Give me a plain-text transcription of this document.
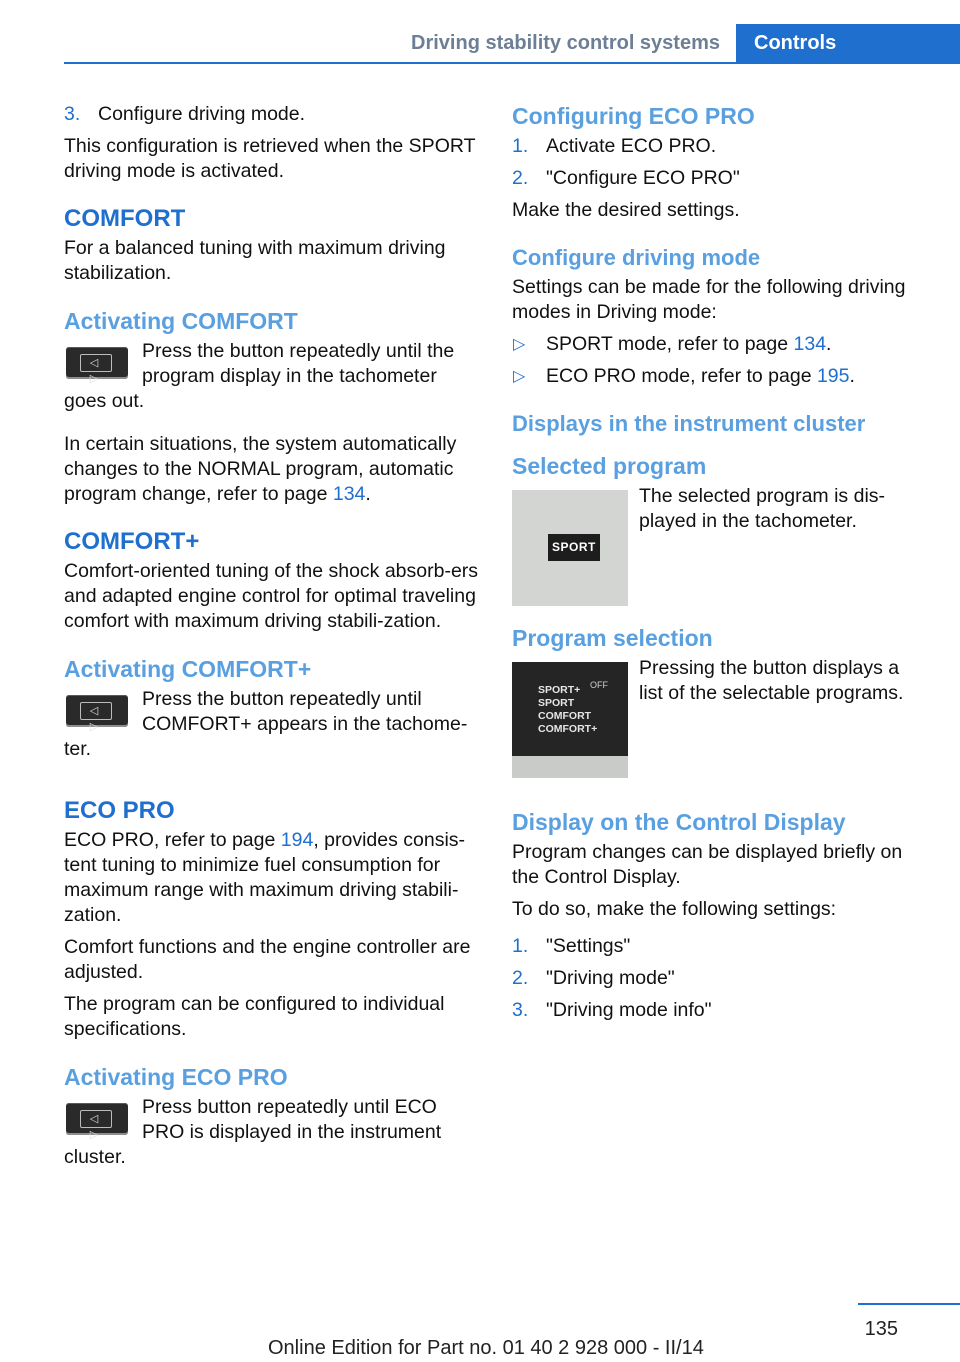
Driving stability control systems	Controls
3. Configure driving mode.

This configuration is retrieved when the SPORT driving mode is activated.

COMFORT

For a balanced tuning with maximum driving stabilization.

Activating COMFORT
◁ ▷

Press the button repeatedly until the program display in the tachometer goes out.

In certain situations, the system automatically changes to the NORMAL program, automatic program change, refer to page 134.

COMFORT+

Comfort-oriented tuning of the shock absorb-ers and adapted engine control for optimal traveling comfort with maximum driving stabili-zation.

Activating COMFORT+
◁ ▷

Press the button repeatedly until COMFORT+ appears in the tachome-ter.

ECO PRO

ECO PRO, refer to page 194, provides consis-tent tuning to minimize fuel consumption for maximum range with maximum driving stabili-zation.

Comfort functions and the engine controller are adjusted.

The program can be configured to individual specifications.

Activating ECO PRO
◁ ▷

Press button repeatedly until ECO PRO is displayed in the instrument cluster.

Configuring ECO PRO
1. Activate ECO PRO.
2. "Configure ECO PRO"

Make the desired settings.

Configure driving mode

Settings can be made for the following driving modes in Driving mode:

▷ SPORT mode, refer to page 134.
▷ ECO PRO mode, refer to page 195.
Displays in the instrument cluster
Selected program
SPORT

The selected program is dis-played in the tachometer.

Program selection
SPORT+
SPORT
COMFORT
COMFORT+
OFF

Pressing the button displays a list of the selectable programs.

Display on the Control Display

Program changes can be displayed briefly on the Control Display.

To do so, make the following settings:

1. "Settings"
2. "Driving mode"
3. "Driving mode info"
135
Online Edition for Part no. 01 40 2 928 000 - II/14
